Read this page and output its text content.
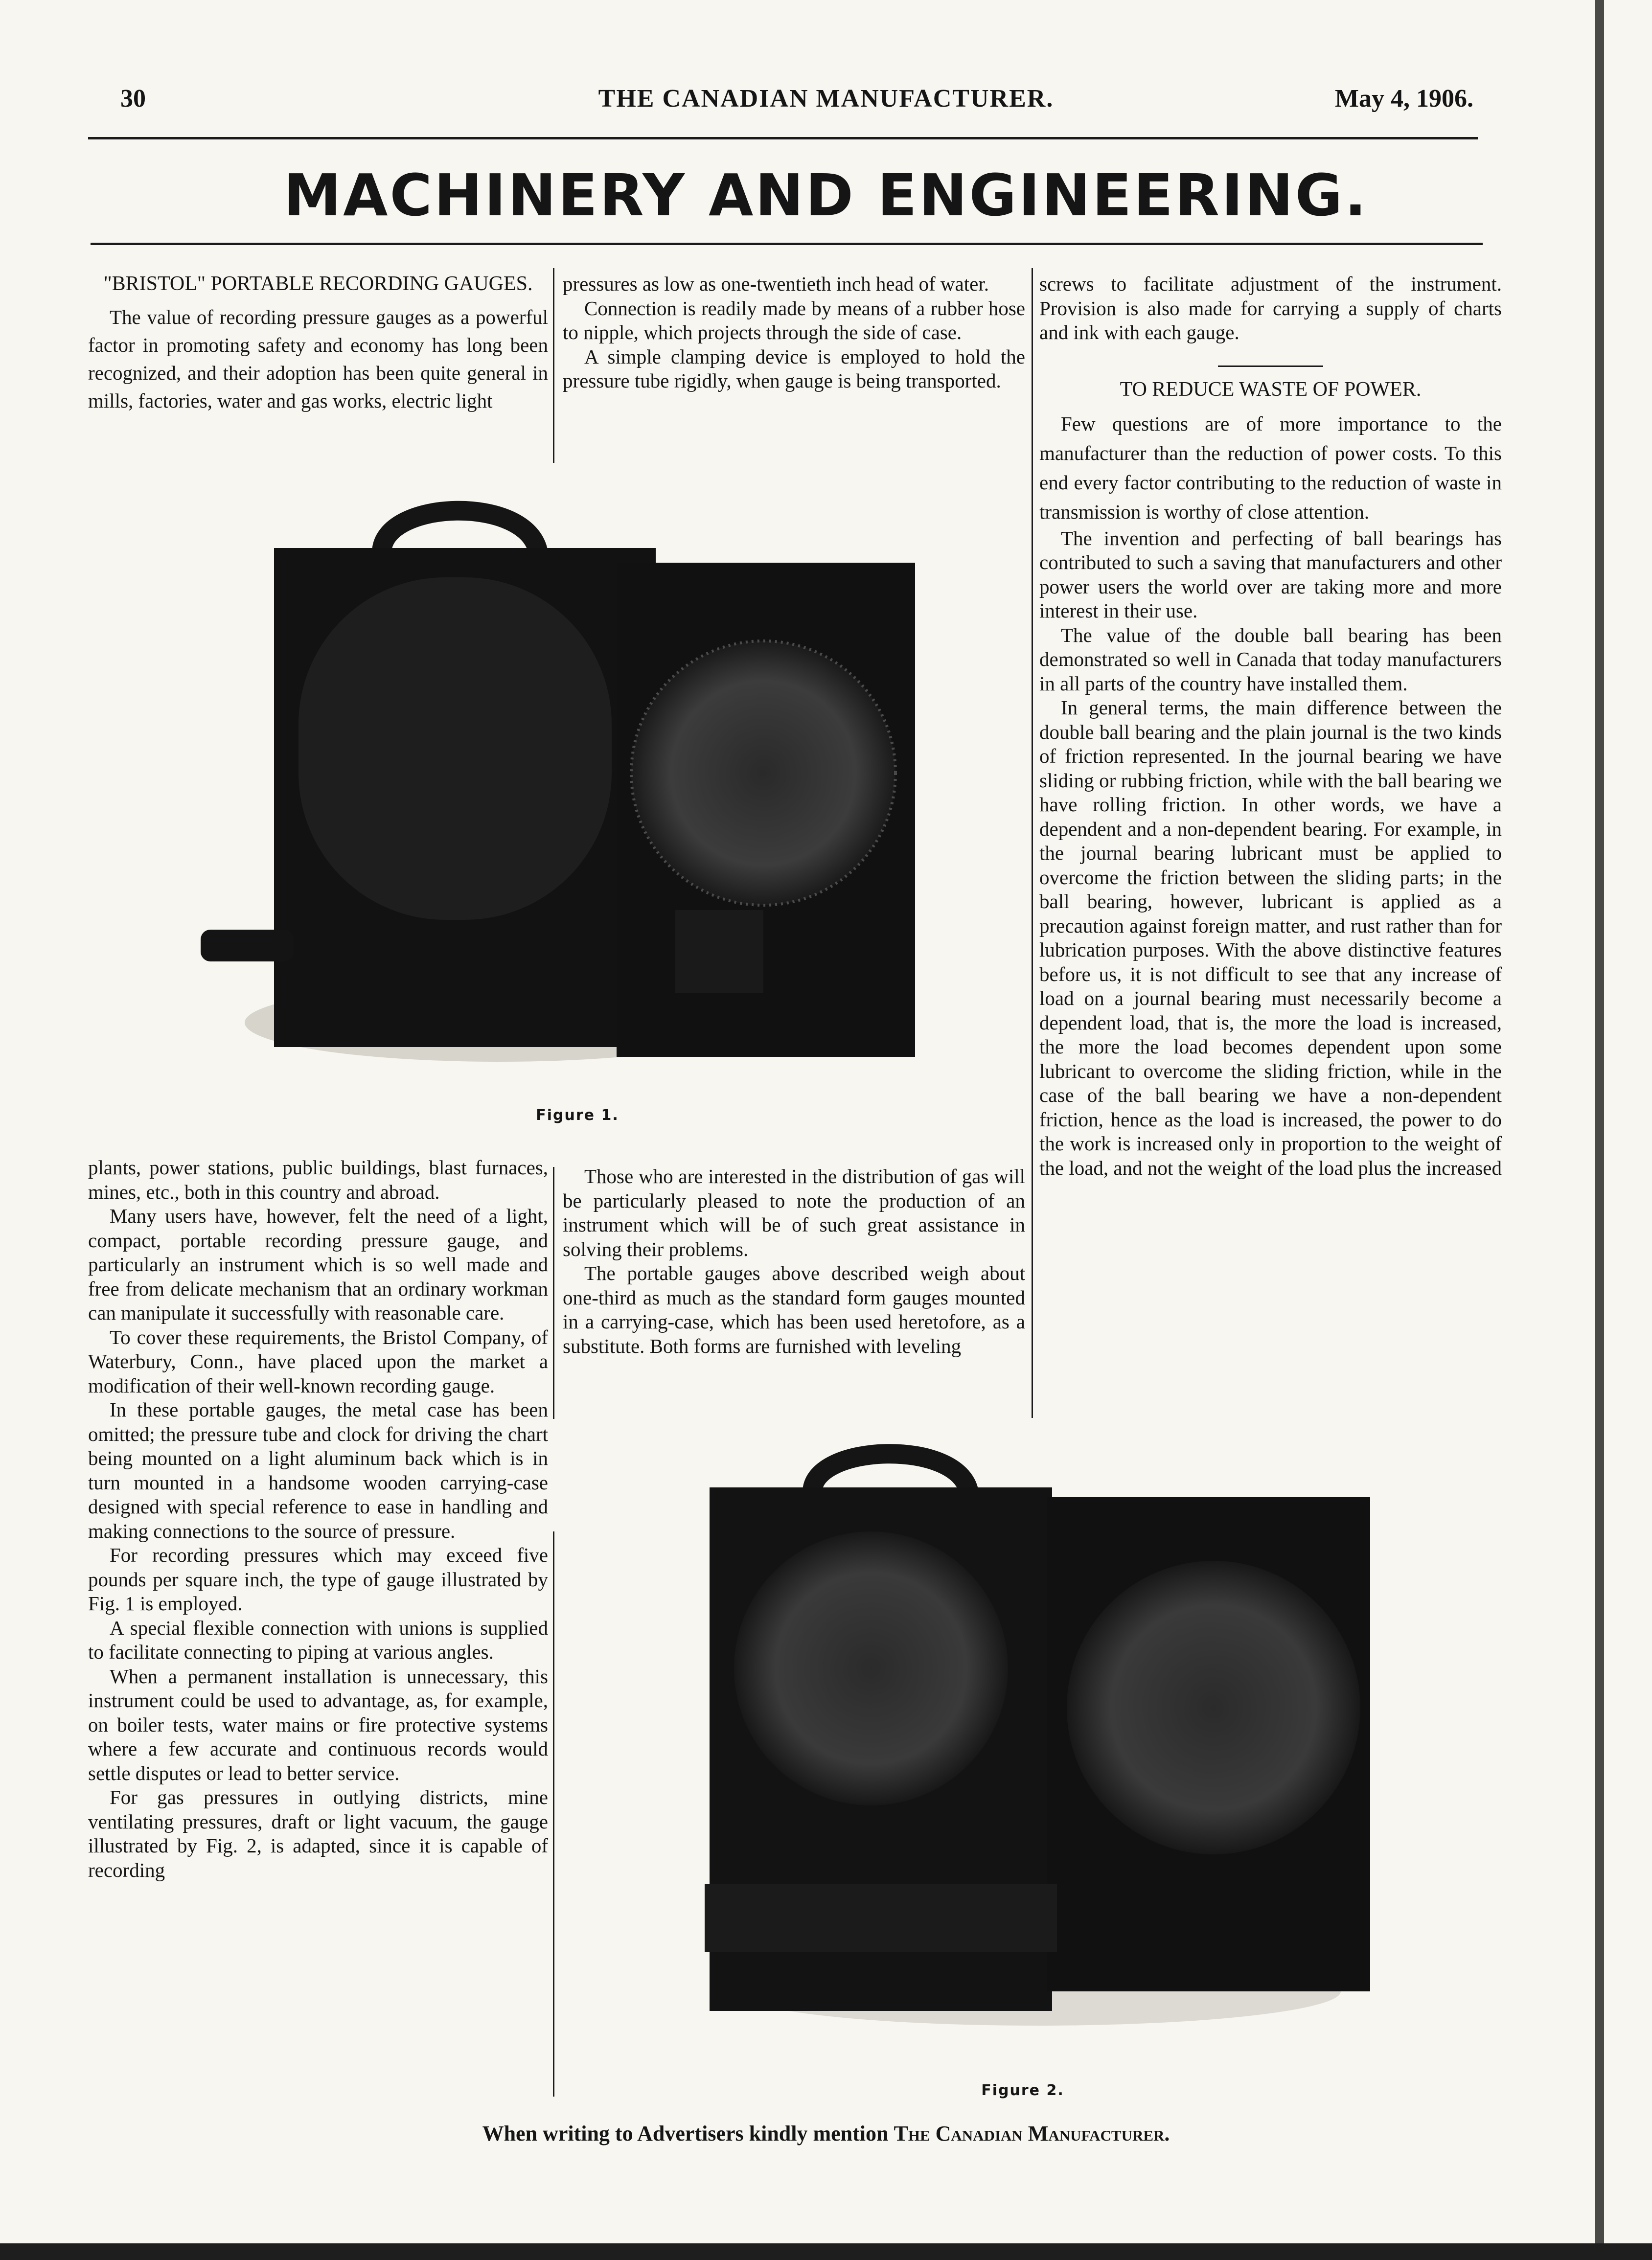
30	THE CANADIAN MANUFACTURER.	May 4, 1906.
MACHINERY AND ENGINEERING.
"BRISTOL" PORTABLE RECORDING GAUGES.

The value of recording pressure gauges as a powerful factor in promoting safety and economy has long been recognized, and their adoption has been quite general in mills, factories, water and gas works, electric light

pressures as low as one-twentieth inch head of water.

Connection is readily made by means of a rubber hose to nipple, which projects through the side of case.

A simple clamping device is employed to hold the pressure tube rigidly, when gauge is being transported.

screws to facilitate adjustment of the instrument. Provision is also made for carrying a supply of charts and ink with each gauge.

TO REDUCE WASTE OF POWER.

Few questions are of more importance to the manufacturer than the reduction of power costs. To this end every factor contributing to the reduction of waste in transmission is worthy of close attention.

The invention and perfecting of ball bearings has contributed to such a saving that manufacturers and other power users the world over are taking more and more interest in their use.

The value of the double ball bearing has been demonstrated so well in Canada that today manufacturers in all parts of the country have installed them.

In general terms, the main difference between the double ball bearing and the plain journal is the two kinds of friction represented. In the journal bearing we have sliding or rubbing friction, while with the ball bearing we have rolling friction. In other words, we have a dependent and a non-dependent bearing. For example, in the journal bearing lubricant must be applied to overcome the friction between the sliding parts; in the ball bearing, however, lubricant is applied as a precaution against foreign matter, and rust rather than for lubrication purposes. With the above distinctive features before us, it is not difficult to see that any increase of load on a journal bearing must necessarily become a dependent load, that is, the more the load is increased, the more the load becomes dependent upon some lubricant to overcome the sliding friction, while in the case of the ball bearing we have a non-dependent friction, hence as the load is increased, the power to do the work is increased only in proportion to the weight of the load, and not the weight of the load plus the increased

Figure 1.

plants, power stations, public buildings, blast furnaces, mines, etc., both in this country and abroad.

Many users have, however, felt the need of a light, compact, portable recording pressure gauge, and particularly an instrument which is so well made and free from delicate mechanism that an ordinary workman can manipulate it successfully with reasonable care.

To cover these requirements, the Bristol Company, of Waterbury, Conn., have placed upon the market a modification of their well-known recording gauge.

In these portable gauges, the metal case has been omitted; the pressure tube and clock for driving the chart being mounted on a light aluminum back which is in turn mounted in a handsome wooden carrying-case designed with special reference to ease in handling and making connections to the source of pressure.

For recording pressures which may exceed five pounds per square inch, the type of gauge illustrated by Fig. 1 is employed.

A special flexible connection with unions is supplied to facilitate connecting to piping at various angles.

When a permanent installation is unnecessary, this instrument could be used to advantage, as, for example, on boiler tests, water mains or fire protective systems where a few accurate and continuous records would settle disputes or lead to better service.

For gas pressures in outlying districts, mine ventilating pressures, draft or light vacuum, the gauge illustrated by Fig. 2, is adapted, since it is capable of recording

Those who are interested in the distribution of gas will be particularly pleased to note the production of an instrument which will be of such great assistance in solving their problems.

The portable gauges above described weigh about one-third as much as the standard form gauges mounted in a carrying-case, which has been used heretofore, as a substitute. Both forms are furnished with leveling

Figure 2.
When writing to Advertisers kindly mention The Canadian Manufacturer.
